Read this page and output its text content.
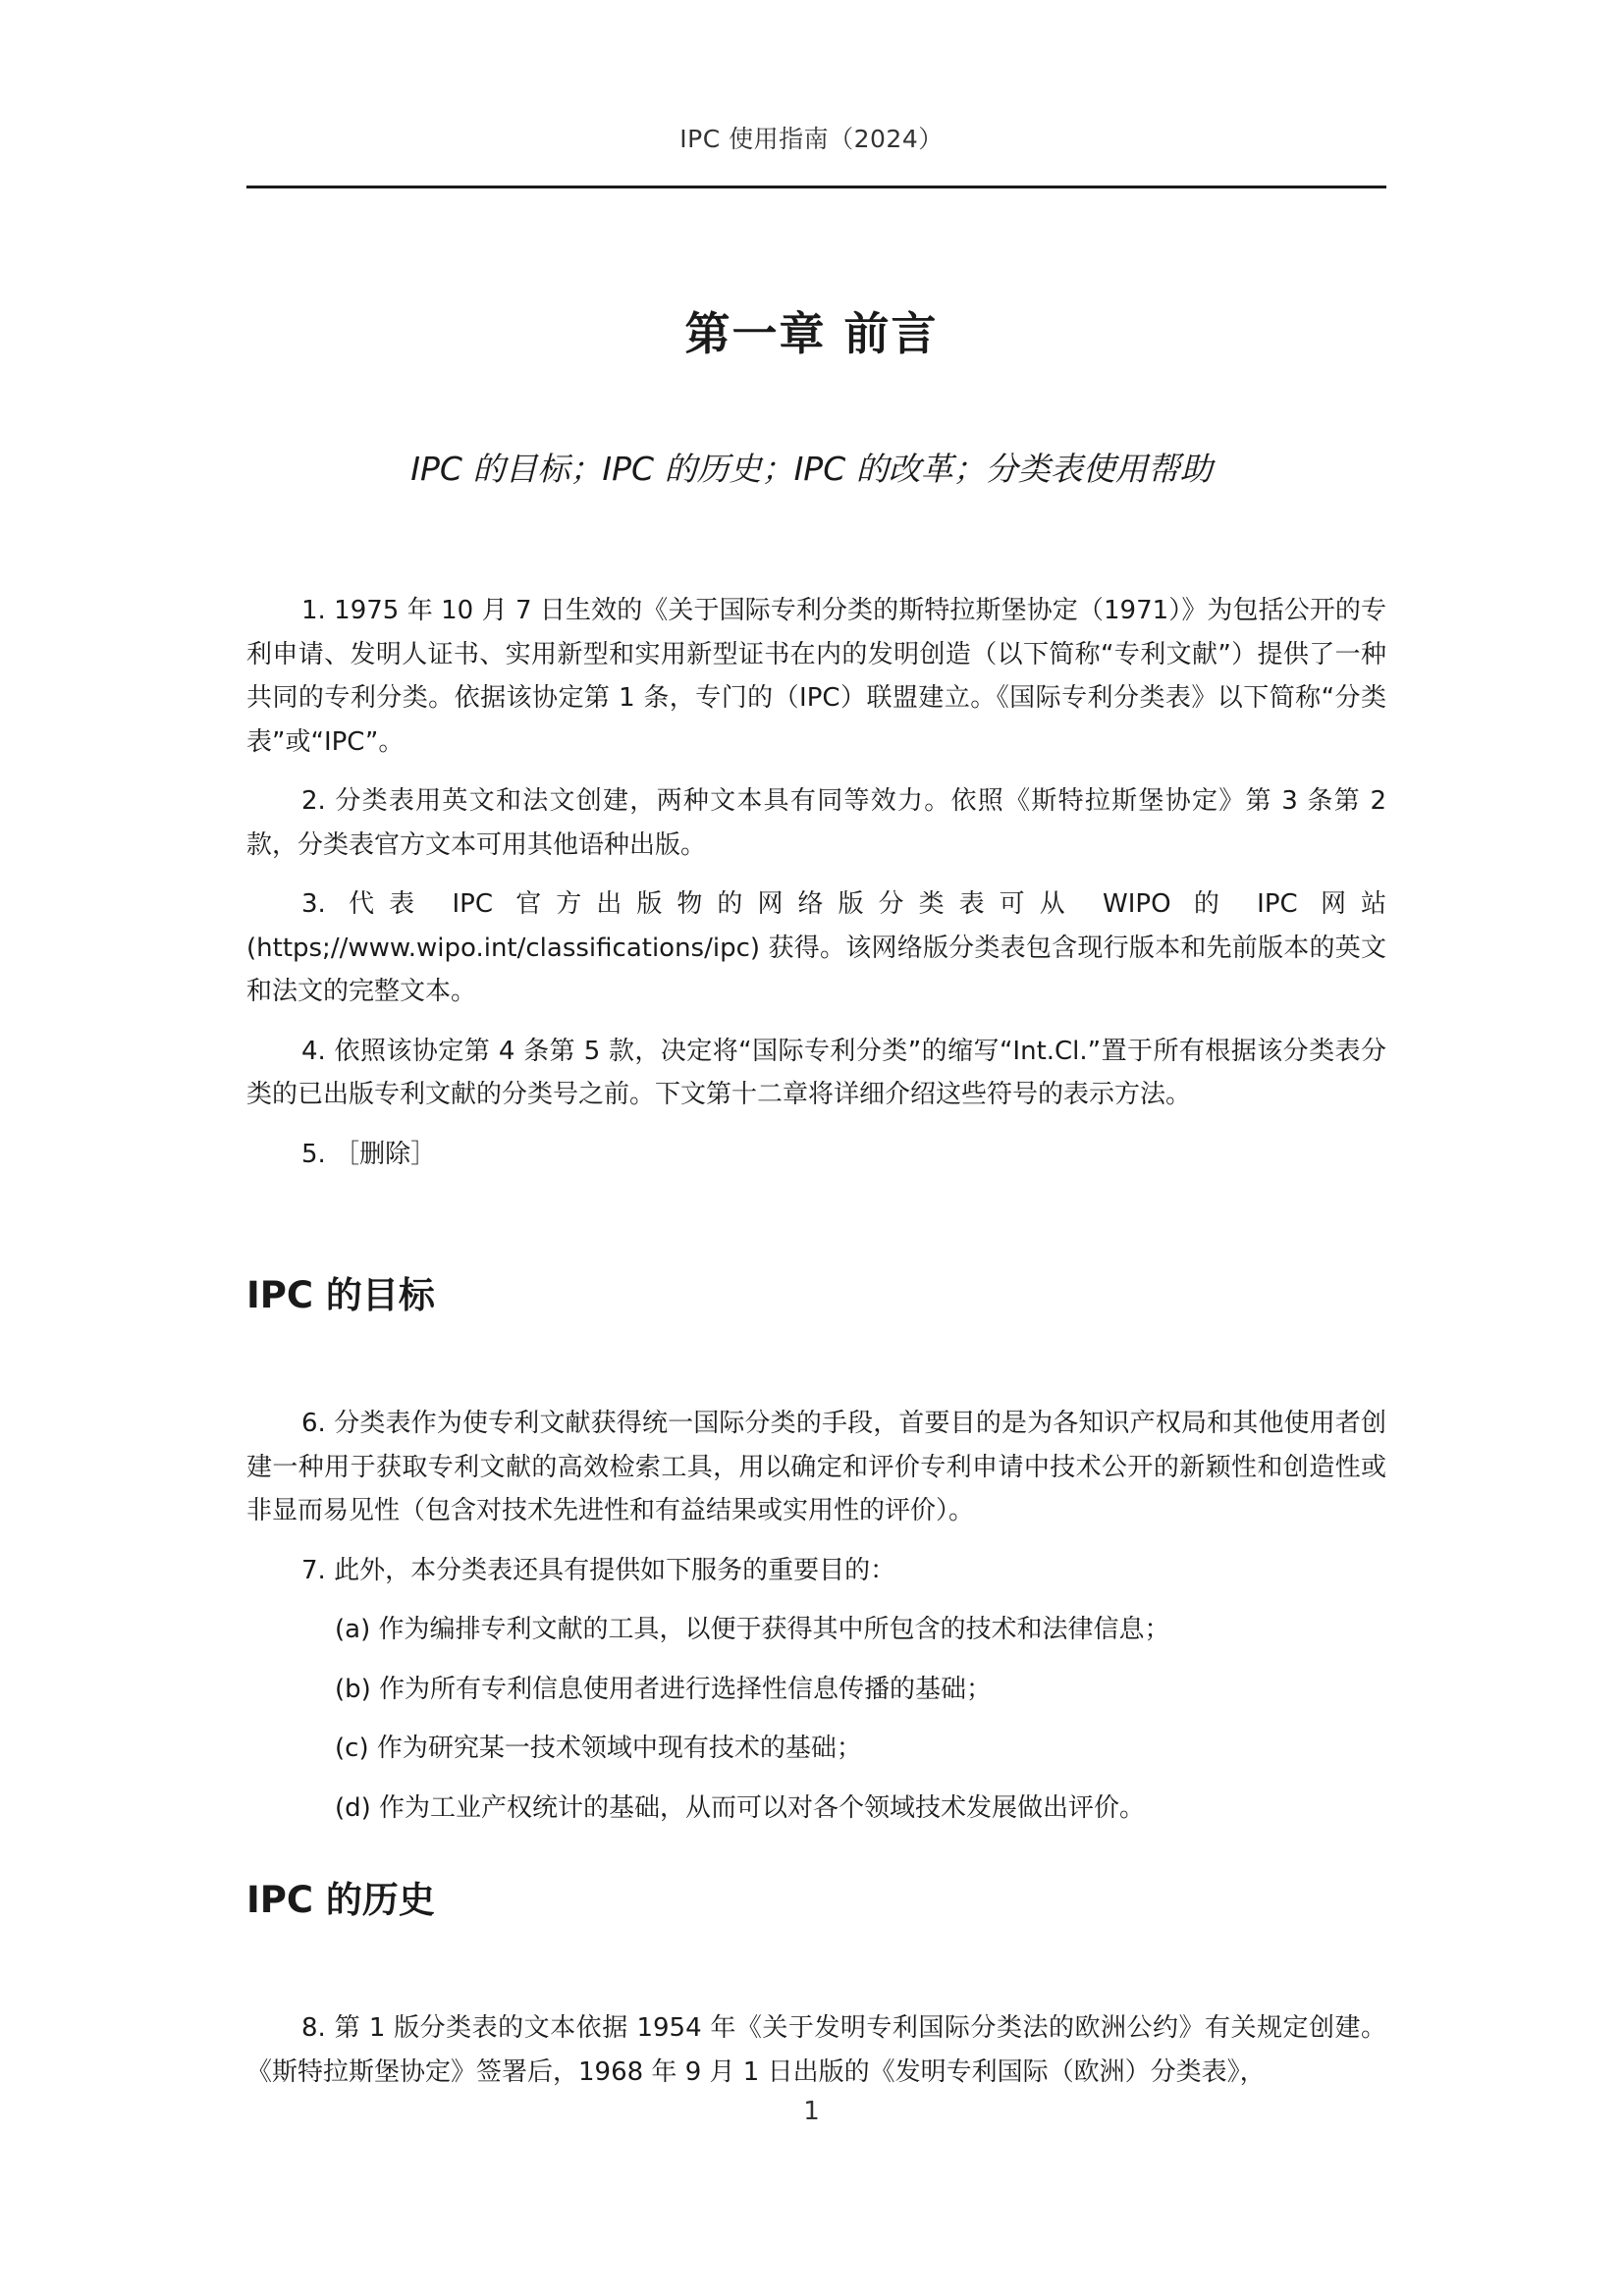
IPC 使用指南（2024）
第一章 前言
IPC 的目标；IPC 的历史；IPC 的改革；分类表使用帮助

1. 1975 年 10 月 7 日生效的《关于国际专利分类的斯特拉斯堡协定（1971）》为包括公开的专利申请、发明人证书、实用新型和实用新型证书在内的发明创造（以下简称“专利文献”）提供了一种共同的专利分类。依据该协定第 1 条，专门的（IPC）联盟建立。《国际专利分类表》以下简称“分类表”或“IPC”。

2. 分类表用英文和法文创建，两种文本具有同等效力。依照《斯特拉斯堡协定》第 3 条第 2 款，分类表官方文本可用其他语种出版。

3. 代表 IPC 官方出版物的网络版分类表可从 WIPO 的 IPC 网站 (https;//www.wipo.int/classifications/ipc) 获得。该网络版分类表包含现行版本和先前版本的英文和法文的完整文本。

4. 依照该协定第 4 条第 5 款，决定将“国际专利分类”的缩写“Int.Cl.”置于所有根据该分类表分类的已出版专利文献的分类号之前。下文第十二章将详细介绍这些符号的表示方法。

5. ［删除］

IPC 的目标

6. 分类表作为使专利文献获得统一国际分类的手段，首要目的是为各知识产权局和其他使用者创建一种用于获取专利文献的高效检索工具，用以确定和评价专利申请中技术公开的新颖性和创造性或非显而易见性（包含对技术先进性和有益结果或实用性的评价）。

7. 此外，本分类表还具有提供如下服务的重要目的：

(a) 作为编排专利文献的工具，以便于获得其中所包含的技术和法律信息；

(b) 作为所有专利信息使用者进行选择性信息传播的基础；

(c) 作为研究某一技术领域中现有技术的基础；

(d) 作为工业产权统计的基础，从而可以对各个领域技术发展做出评价。

IPC 的历史

8. 第 1 版分类表的文本依据 1954 年《关于发明专利国际分类法的欧洲公约》有关规定创建。《斯特拉斯堡协定》签署后，1968 年 9 月 1 日出版的《发明专利国际（欧洲）分类表》，

1
